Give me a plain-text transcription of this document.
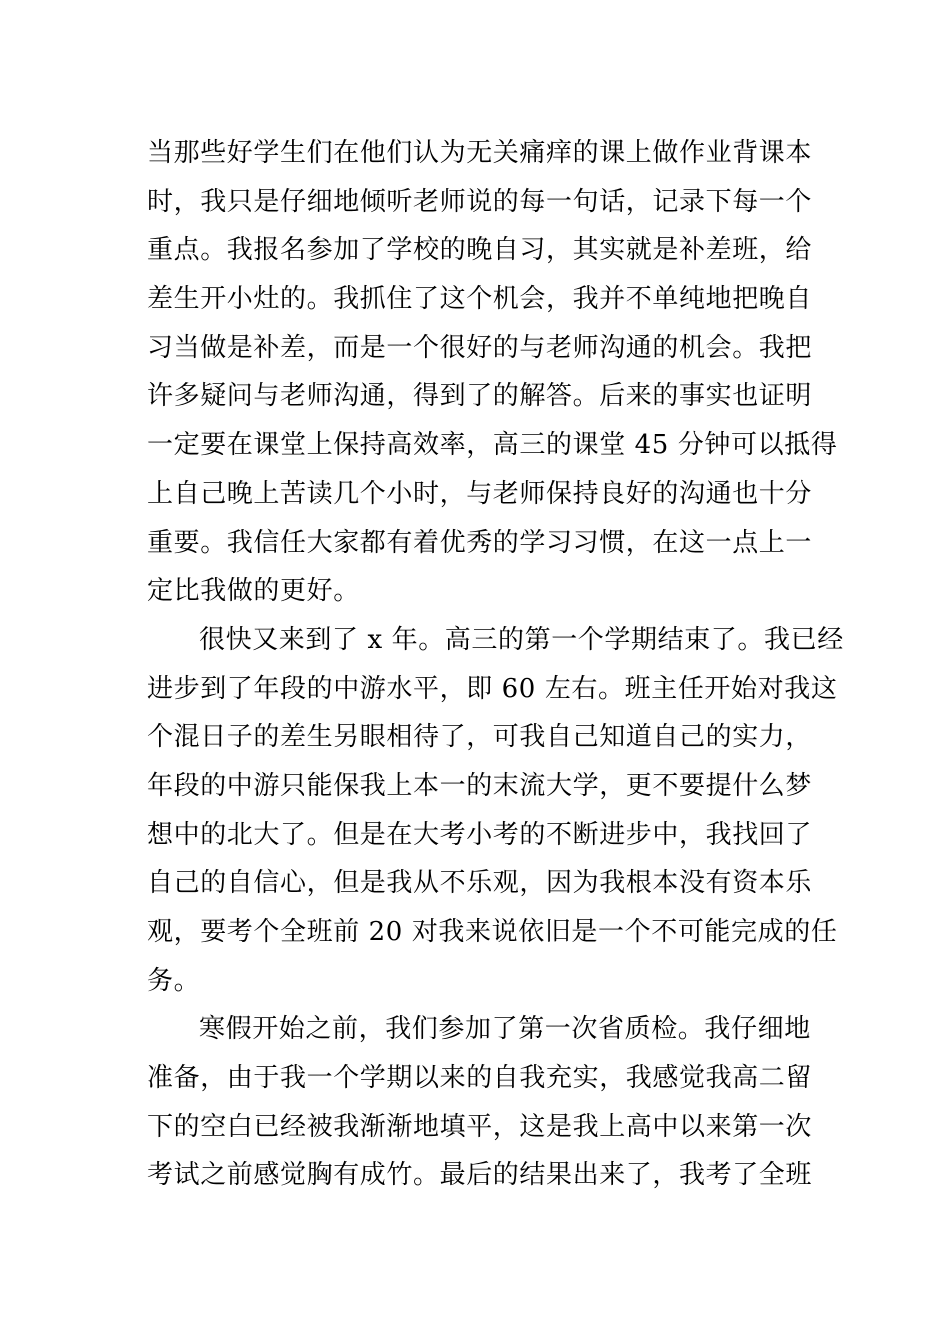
当那些好学生们在他们认为无关痛痒的课上做作业背课本
时，我只是仔细地倾听老师说的每一句话，记录下每一个
重点。我报名参加了学校的晚自习，其实就是补差班，给
差生开小灶的。我抓住了这个机会，我并不单纯地把晚自
习当做是补差，而是一个很好的与老师沟通的机会。我把
许多疑问与老师沟通，得到了的解答。后来的事实也证明
一定要在课堂上保持高效率，高三的课堂 45 分钟可以抵得
上自己晚上苦读几个小时，与老师保持良好的沟通也十分
重要。我信任大家都有着优秀的学习习惯，在这一点上一
定比我做的更好。
很快又来到了 x 年。高三的第一个学期结束了。我已经
进步到了年段的中游水平，即 60 左右。班主任开始对我这
个混日子的差生另眼相待了，可我自己知道自己的实力，
年段的中游只能保我上本一的末流大学，更不要提什么梦
想中的北大了。但是在大考小考的不断进步中，我找回了
自己的自信心，但是我从不乐观，因为我根本没有资本乐
观，要考个全班前 20 对我来说依旧是一个不可能完成的任
务。
寒假开始之前，我们参加了第一次省质检。我仔细地
准备，由于我一个学期以来的自我充实，我感觉我高二留
下的空白已经被我渐渐地填平，这是我上高中以来第一次
考试之前感觉胸有成竹。最后的结果出来了，我考了全班
